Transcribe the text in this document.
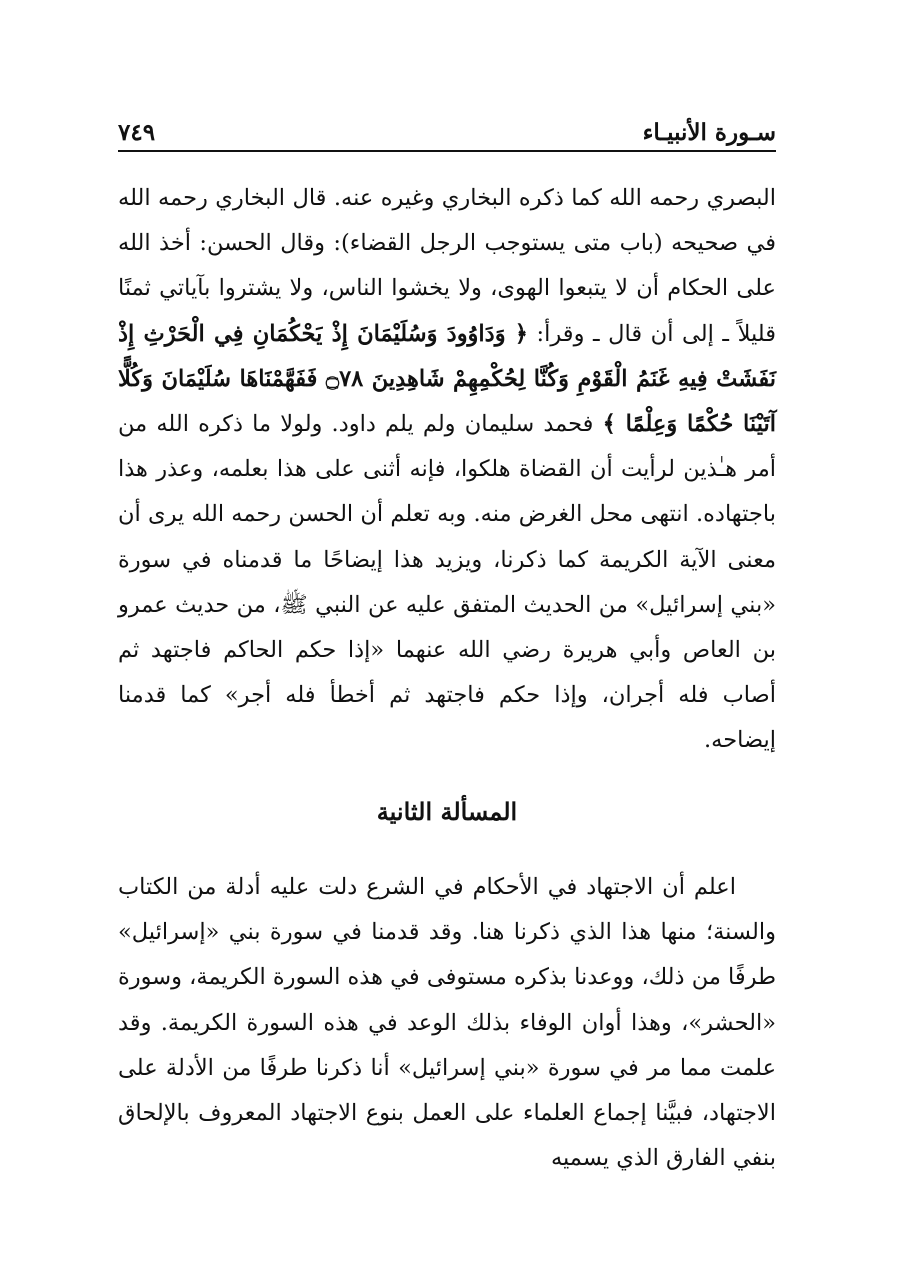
سـورة الأنبيـاء
٧٤٩

البصري رحمه الله كما ذكره البخاري وغيره عنه. قال البخاري رحمه الله في صحيحه (باب متى يستوجب الرجل القضاء): وقال الحسن: أخذ الله على الحكام أن لا يتبعوا الهوى، ولا يخشوا الناس، ولا يشتروا بآياتي ثمنًا قليلاً ـ إلى أن قال ـ وقرأ: ﴿ وَدَاوُودَ وَسُلَيْمَانَ إِذْ يَحْكُمَانِ فِي الْحَرْثِ إِذْ نَفَشَتْ فِيهِ غَنَمُ الْقَوْمِ وَكُنَّا لِحُكْمِهِمْ شَاهِدِينَ ۝٧٨ فَفَهَّمْنَاهَا سُلَيْمَانَ وَكُلًّا آتَيْنَا حُكْمًا وَعِلْمًا ﴾ فحمد سليمان ولم يلم داود. ولولا ما ذكره الله من أمر هـٰذين لرأيت أن القضاة هلكوا، فإنه أثنى على هذا بعلمه، وعذر هذا باجتهاده. انتهى محل الغرض منه. وبه تعلم أن الحسن رحمه الله يرى أن معنى الآية الكريمة كما ذكرنا، ويزيد هذا إيضاحًا ما قدمناه في سورة «بني إسرائيل» من الحديث المتفق عليه عن النبي ﷺ، من حديث عمرو بن العاص وأبي هريرة رضي الله عنهما «إذا حكم الحاكم فاجتهد ثم أصاب فله أجران، وإذا حكم فاجتهد ثم أخطأ فله أجر» كما قدمنا إيضاحه.

المسألة الثانية

اعلم أن الاجتهاد في الأحكام في الشرع دلت عليه أدلة من الكتاب والسنة؛ منها هذا الذي ذكرنا هنا. وقد قدمنا في سورة بني «إسرائيل» طرفًا من ذلك، ووعدنا بذكره مستوفى في هذه السورة الكريمة، وسورة «الحشر»، وهذا أوان الوفاء بذلك الوعد في هذه السورة الكريمة. وقد علمت مما مر في سورة «بني إسرائيل» أنا ذكرنا طرفًا من الأدلة على الاجتهاد، فبيَّنا إجماع العلماء على العمل بنوع الاجتهاد المعروف بالإلحاق بنفي الفارق الذي يسميه
